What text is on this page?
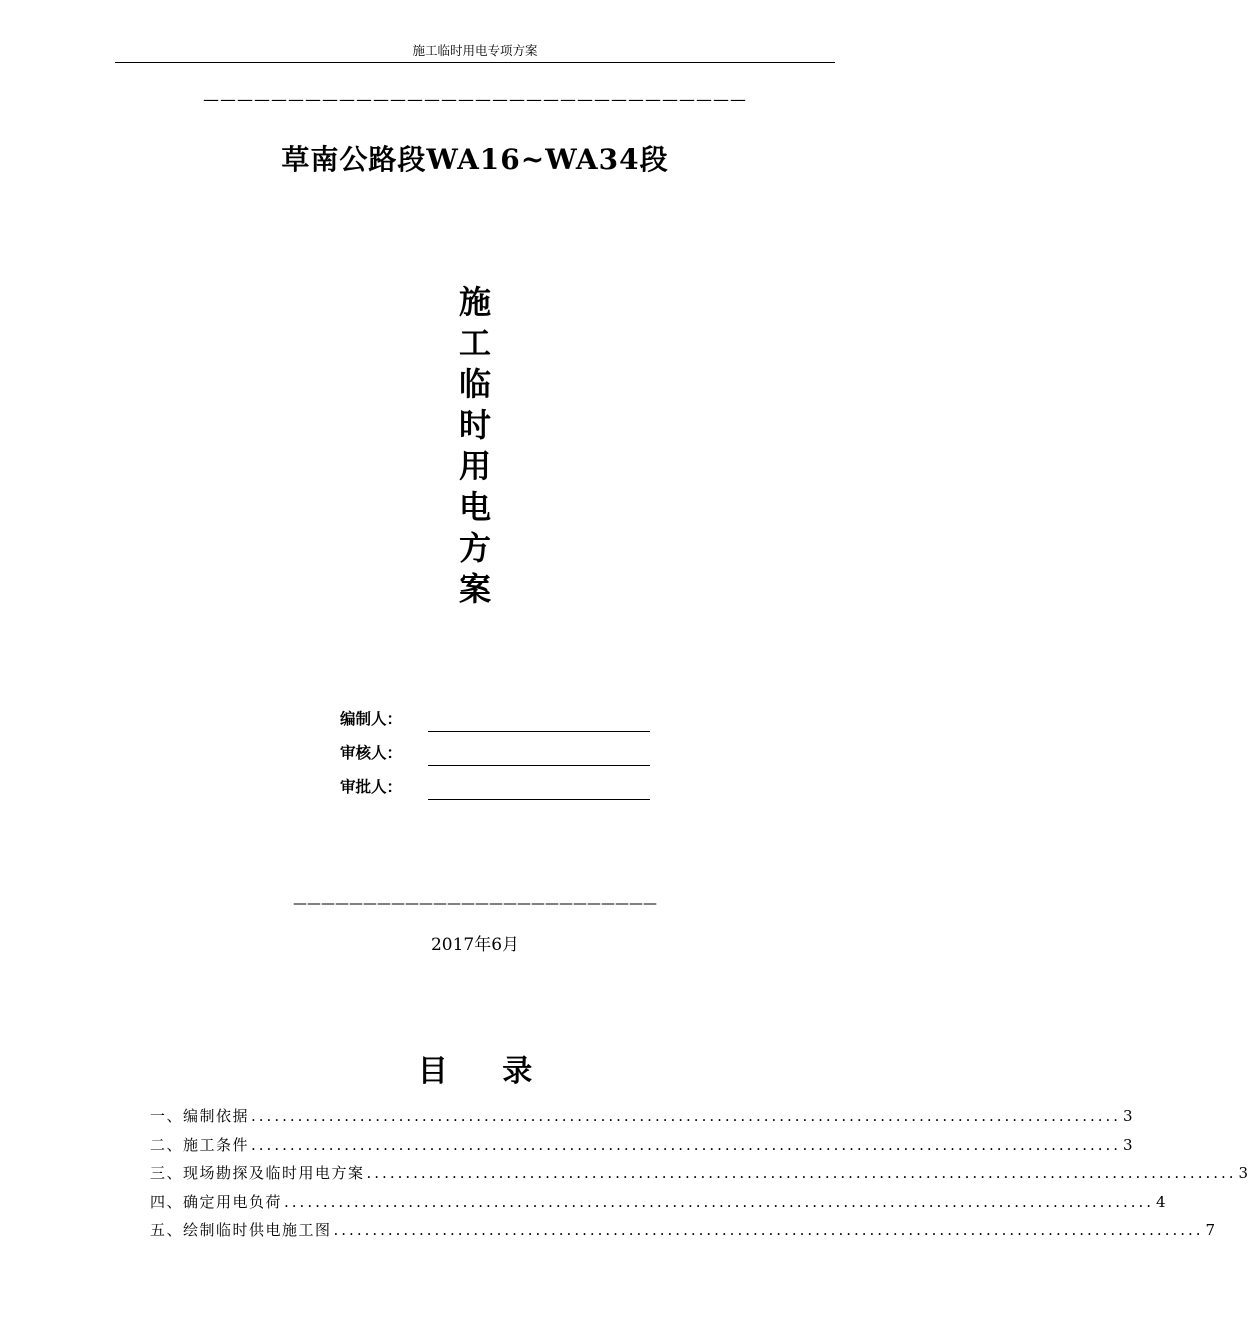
施工临时用电专项方案
————————————————————————————————
草南公路段WA16~WA34段
施
工
临
时
用
电
方
案
编制人：
审核人：
审批人：
——————————————————————————
2017年6月
目 录
一、编制依据 ................................................................................................................ 3
二、施工条件 ................................................................................................................ 3
三、现场勘探及临时用电方案 ................................................................................................................ 3
四、确定用电负荷 ................................................................................................................ 4
五、绘制临时供电施工图 ................................................................................................................ 7
